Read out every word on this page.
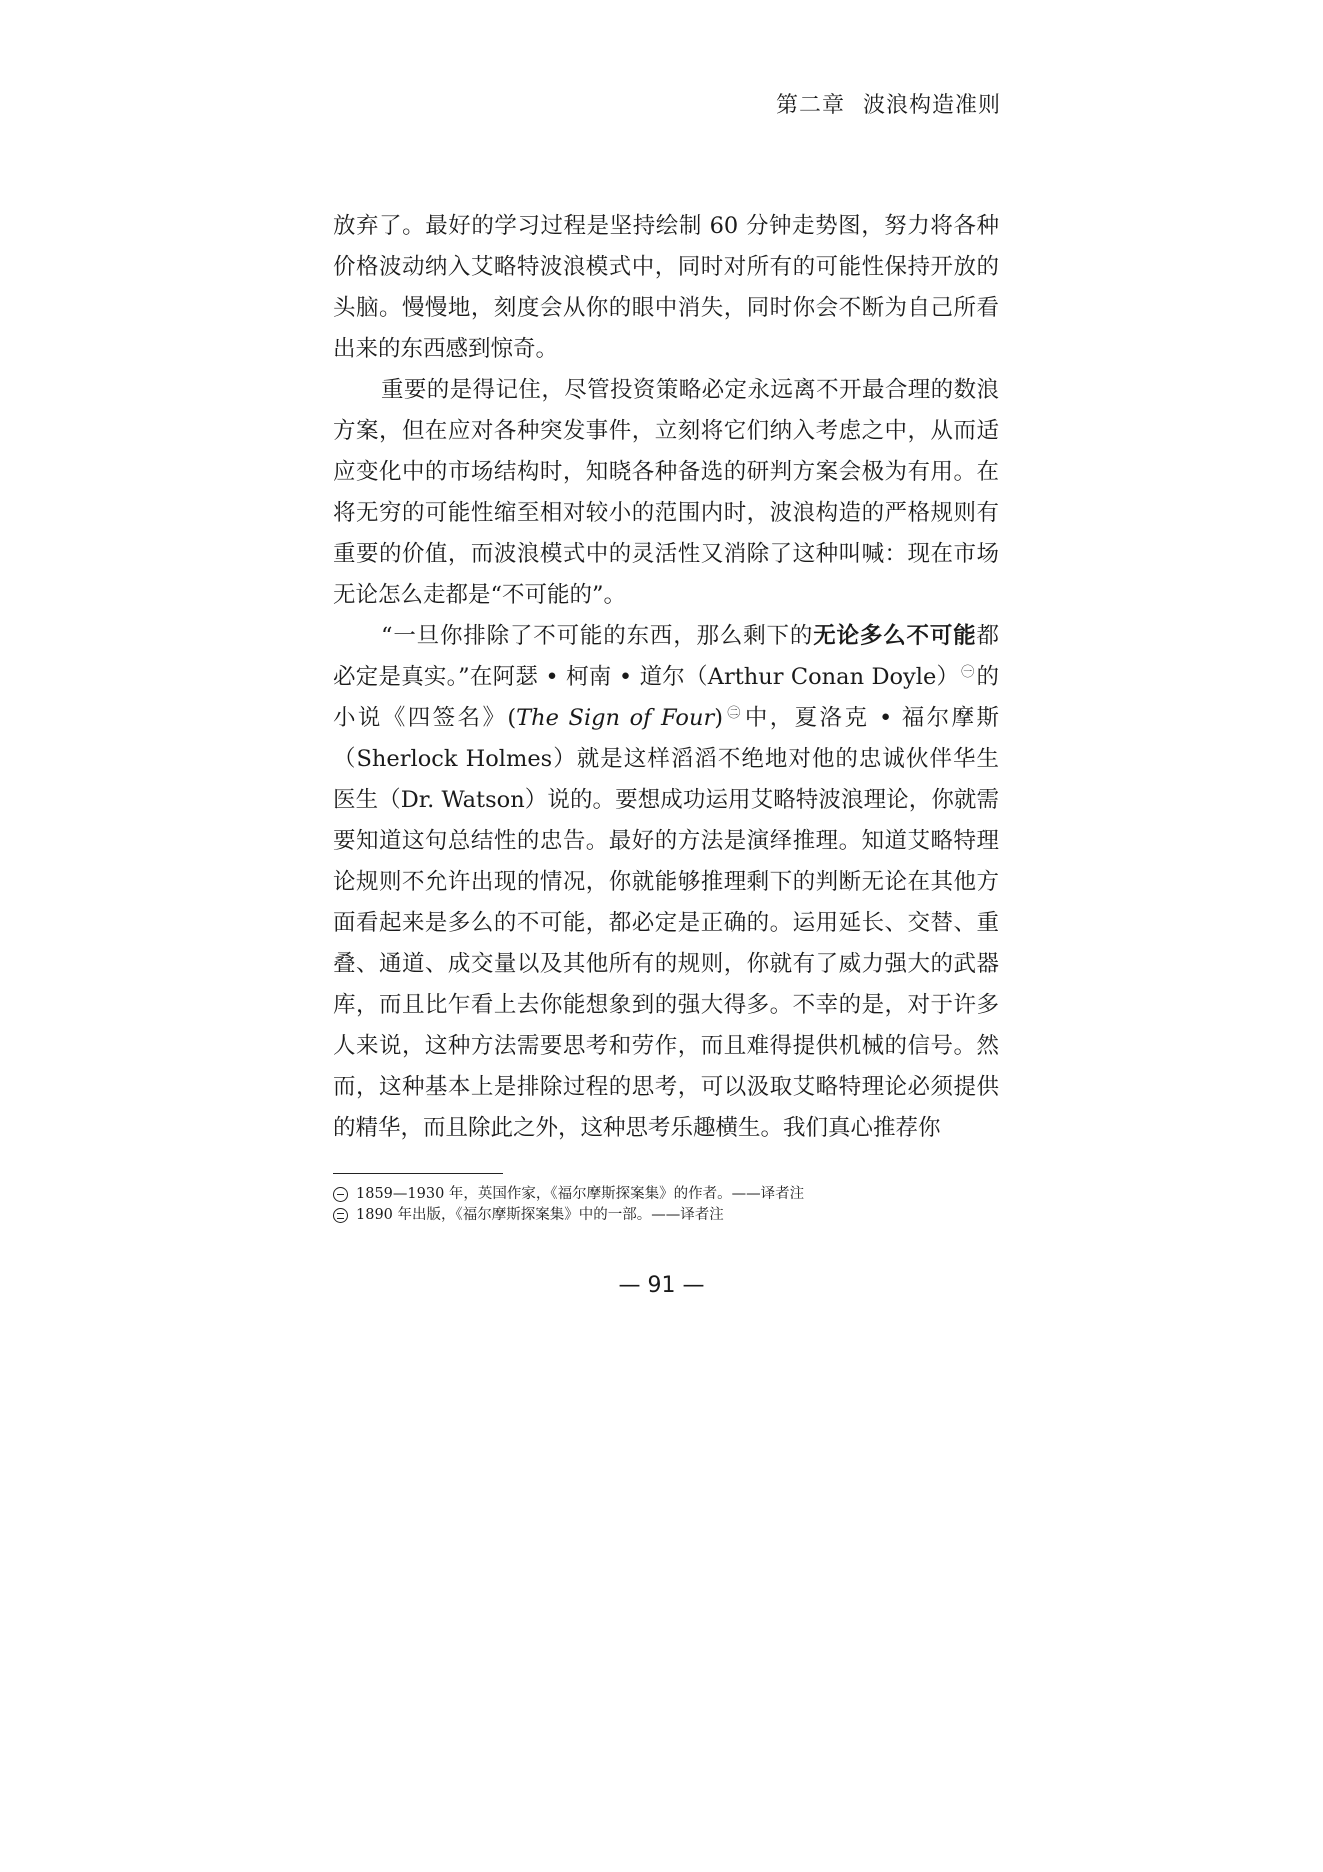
第二章 波浪构造准则

放弃了。最好的学习过程是坚持绘制 60 分钟走势图，努力将各种价格波动纳入艾略特波浪模式中，同时对所有的可能性保持开放的头脑。慢慢地，刻度会从你的眼中消失，同时你会不断为自己所看出来的东西感到惊奇。

重要的是得记住，尽管投资策略必定永远离不开最合理的数浪方案，但在应对各种突发事件，立刻将它们纳入考虑之中，从而适应变化中的市场结构时，知晓各种备选的研判方案会极为有用。在将无穷的可能性缩至相对较小的范围内时，波浪构造的严格规则有重要的价值，而波浪模式中的灵活性又消除了这种叫喊：现在市场无论怎么走都是“不可能的”。

“一旦你排除了不可能的东西，那么剩下的无论多么不可能都必定是真实。”在阿瑟 • 柯南 • 道尔（Arthur Conan Doyle） $^㊀$的小说《四签名》(The Sign of Four) $^㊁$中，夏洛克 • 福尔摩斯（Sherlock Holmes）就是这样滔滔不绝地对他的忠诚伙伴华生医生（Dr. Watson）说的。要想成功运用艾略特波浪理论，你就需要知道这句总结性的忠告。最好的方法是演绎推理。知道艾略特理论规则不允许出现的情况，你就能够推理剩下的判断无论在其他方面看起来是多么的不可能，都必定是正确的。运用延长、交替、重叠、通道、成交量以及其他所有的规则，你就有了威力强大的武器库，而且比乍看上去你能想象到的强大得多。不幸的是，对于许多人来说，这种方法需要思考和劳作，而且难得提供机械的信号。然而，这种基本上是排除过程的思考，可以汲取艾略特理论必须提供的精华，而且除此之外，这种思考乐趣横生。我们真心推荐你

1859—1930 年，英国作家，《福尔摩斯探案集》的作者。——译者注
1890 年出版，《福尔摩斯探案集》中的一部。——译者注
— 91 —
